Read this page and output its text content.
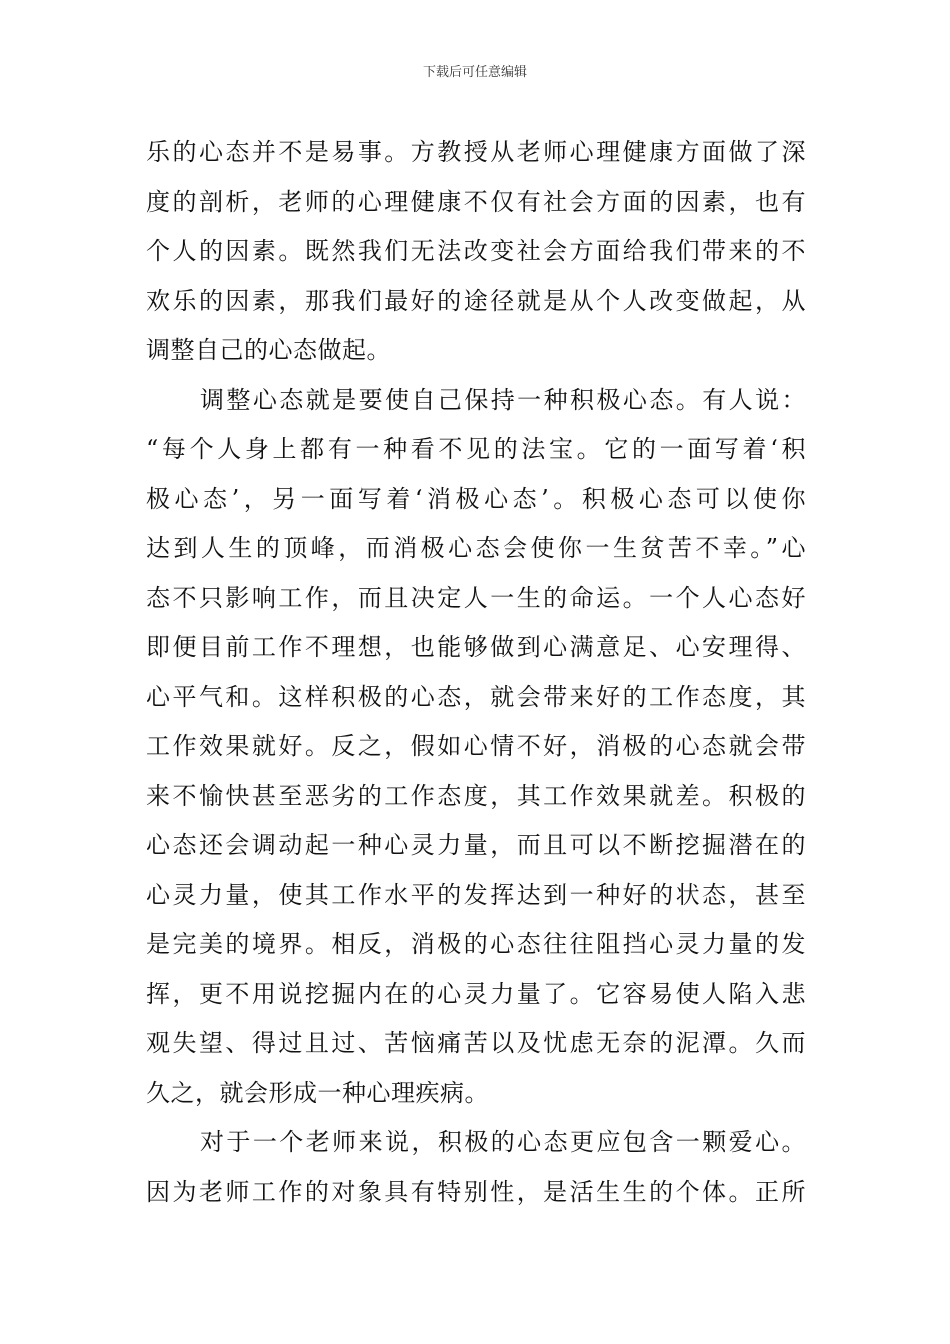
下载后可任意编辑
乐的心态并不是易事。方教授从老师心理健康方面做了深
度的剖析，老师的心理健康不仅有社会方面的因素，也有
个人的因素。既然我们无法改变社会方面给我们带来的不
欢乐的因素，那我们最好的途径就是从个人改变做起，从
调整自己的心态做起。
调整心态就是要使自己保持一种积极心态。有人说：
“每个人身上都有一种看不见的法宝。它的一面写着‘积
极心态’，另一面写着‘消极心态’。积极心态可以使你
达到人生的顶峰，而消极心态会使你一生贫苦不幸。”心
态不只影响工作，而且决定人一生的命运。一个人心态好
即便目前工作不理想，也能够做到心满意足、心安理得、
心平气和。这样积极的心态，就会带来好的工作态度，其
工作效果就好。反之，假如心情不好，消极的心态就会带
来不愉快甚至恶劣的工作态度，其工作效果就差。积极的
心态还会调动起一种心灵力量，而且可以不断挖掘潜在的
心灵力量，使其工作水平的发挥达到一种好的状态，甚至
是完美的境界。相反，消极的心态往往阻挡心灵力量的发
挥，更不用说挖掘内在的心灵力量了。它容易使人陷入悲
观失望、得过且过、苦恼痛苦以及忧虑无奈的泥潭。久而
久之，就会形成一种心理疾病。
对于一个老师来说，积极的心态更应包含一颗爱心。
因为老师工作的对象具有特别性，是活生生的个体。正所
